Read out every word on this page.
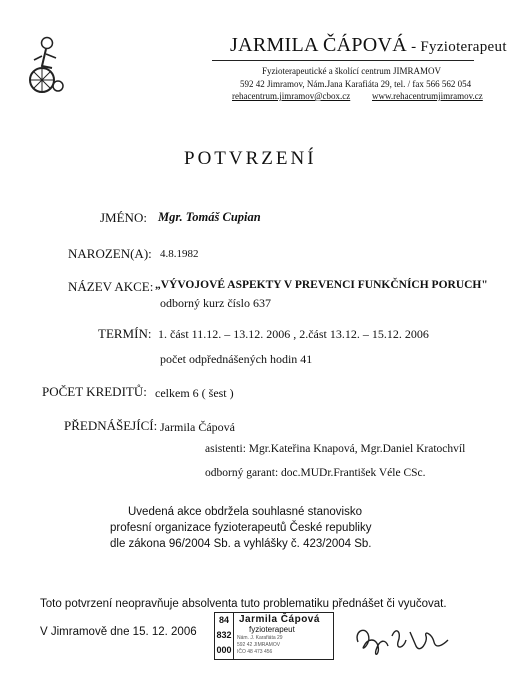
JARMILA ČÁPOVÁ - Fyzioterapeut
Fyzioterapeutické a školící centrum JIMRAMOV
592 42 Jimramov, Nám.Jana Karafiáta 29, tel. / fax 566 562 054
rehacentrum.jimramov@cbox.cz www.rehacentrumjimramov.cz
POTVRZENÍ
JMÉNO: Mgr. Tomáš Cupian
NAROZEN(A): 4.8.1982
NÁZEV AKCE: „VÝVOJOVÉ ASPEKTY V PREVENCI FUNKČNÍCH PORUCH"
odborný kurz číslo 637
TERMÍN: 1. část 11.12. – 13.12. 2006 , 2.část 13.12. – 15.12. 2006
počet odpřednášených hodin 41
POČET KREDITŮ: celkem 6 ( šest )
PŘEDNÁŠEJÍCÍ: Jarmila Čápová
asistenti: Mgr.Kateřina Knapová, Mgr.Daniel Kratochvíl
odborný garant: doc.MUDr.František Véle CSc.
Uvedená akce obdržela souhlasné stanovisko
profesní organizace fyzioterapeutů České republiky
dle zákona 96/2004 Sb. a vyhlášky č. 423/2004 Sb.
Toto potvrzení neopravňuje absolventa tuto problematiku přednášet či vyučovat.
V Jimramově dne 15. 12. 2006
84
832
000
Jarmila Čápová
fyzioterapeut
Nám. J. Karafiáta 29
592 42 JIMRAMOV
IČO 48 473 456
